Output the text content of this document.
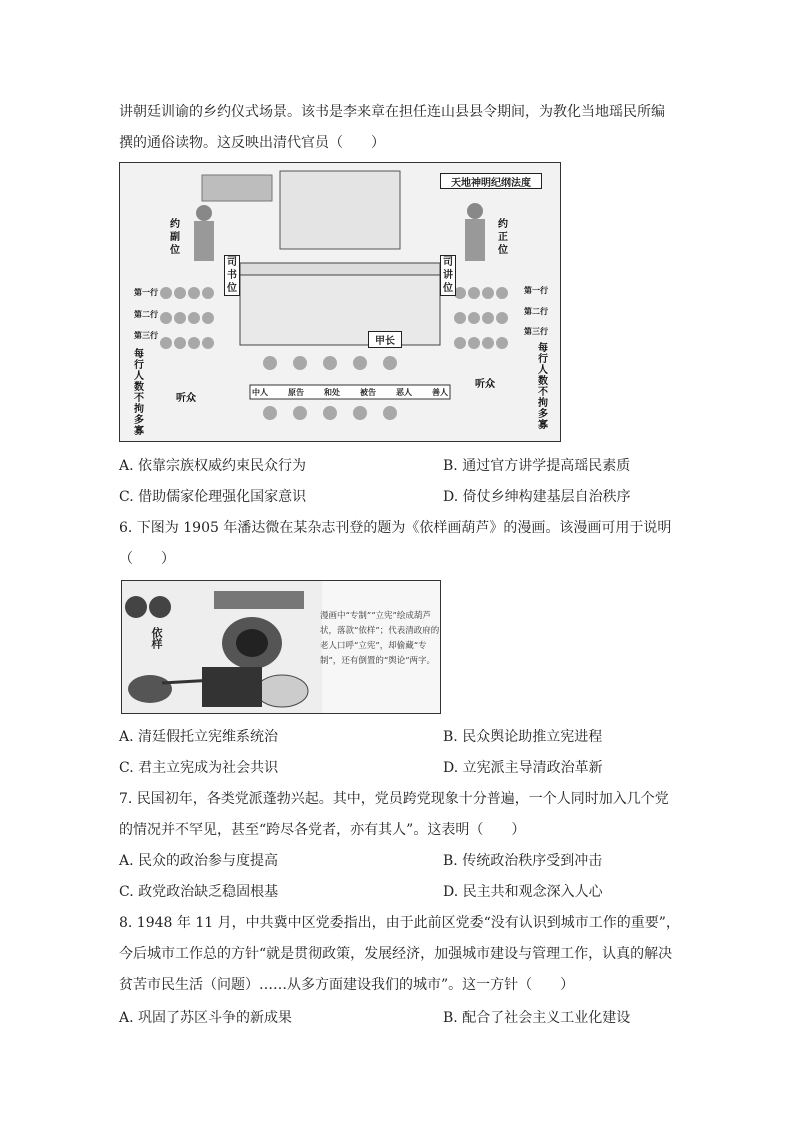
讲朝廷训谕的乡约仪式场景。该书是李来章在担任连山县县令期间，为教化当地瑶民所编
撰的通俗读物。这反映出清代官员（　　）
天地神明纪纲法度
约
副
位
约
正
位
司
书
位
司
讲
位
甲长
第一行
第二行
第三行
第一行
第二行
第三行
每
行
人
数
不
拘
多
寡
每
行
人
数
不
拘
多
寡
听众
听众
中人	原告	和处	被告	恶人	善人
A. 依靠宗族权威约束民众行为	B. 通过官方讲学提高瑶民素质
C. 借助儒家伦理强化国家意识	D. 倚仗乡绅构建基层自治秩序
6. 下图为 1905 年潘达微在某杂志刊登的题为《依样画葫芦》的漫画。该漫画可用于说明
（　　）
依样
漫画中“专制”“立宪”绘成葫芦
状，落款“依样”；代表清政府的
老人口呼“立宪”，却偷藏“专
制”，还有倒置的“舆论”两字。
A. 清廷假托立宪维系统治	B. 民众舆论助推立宪进程
C. 君主立宪成为社会共识	D. 立宪派主导清政治革新
7. 民国初年，各类党派蓬勃兴起。其中，党员跨党现象十分普遍，一个人同时加入几个党
的情况并不罕见，甚至“跨尽各党者，亦有其人”。这表明（　　）
A. 民众的政治参与度提高	B. 传统政治秩序受到冲击
C. 政党政治缺乏稳固根基	D. 民主共和观念深入人心
8. 1948 年 11 月，中共冀中区党委指出，由于此前区党委“没有认识到城市工作的重要”，
今后城市工作总的方针“就是贯彻政策，发展经济，加强城市建设与管理工作，认真的解决
贫苦市民生活（问题）……从多方面建设我们的城市”。这一方针（　　）
A. 巩固了苏区斗争的新成果	B. 配合了社会主义工业化建设
